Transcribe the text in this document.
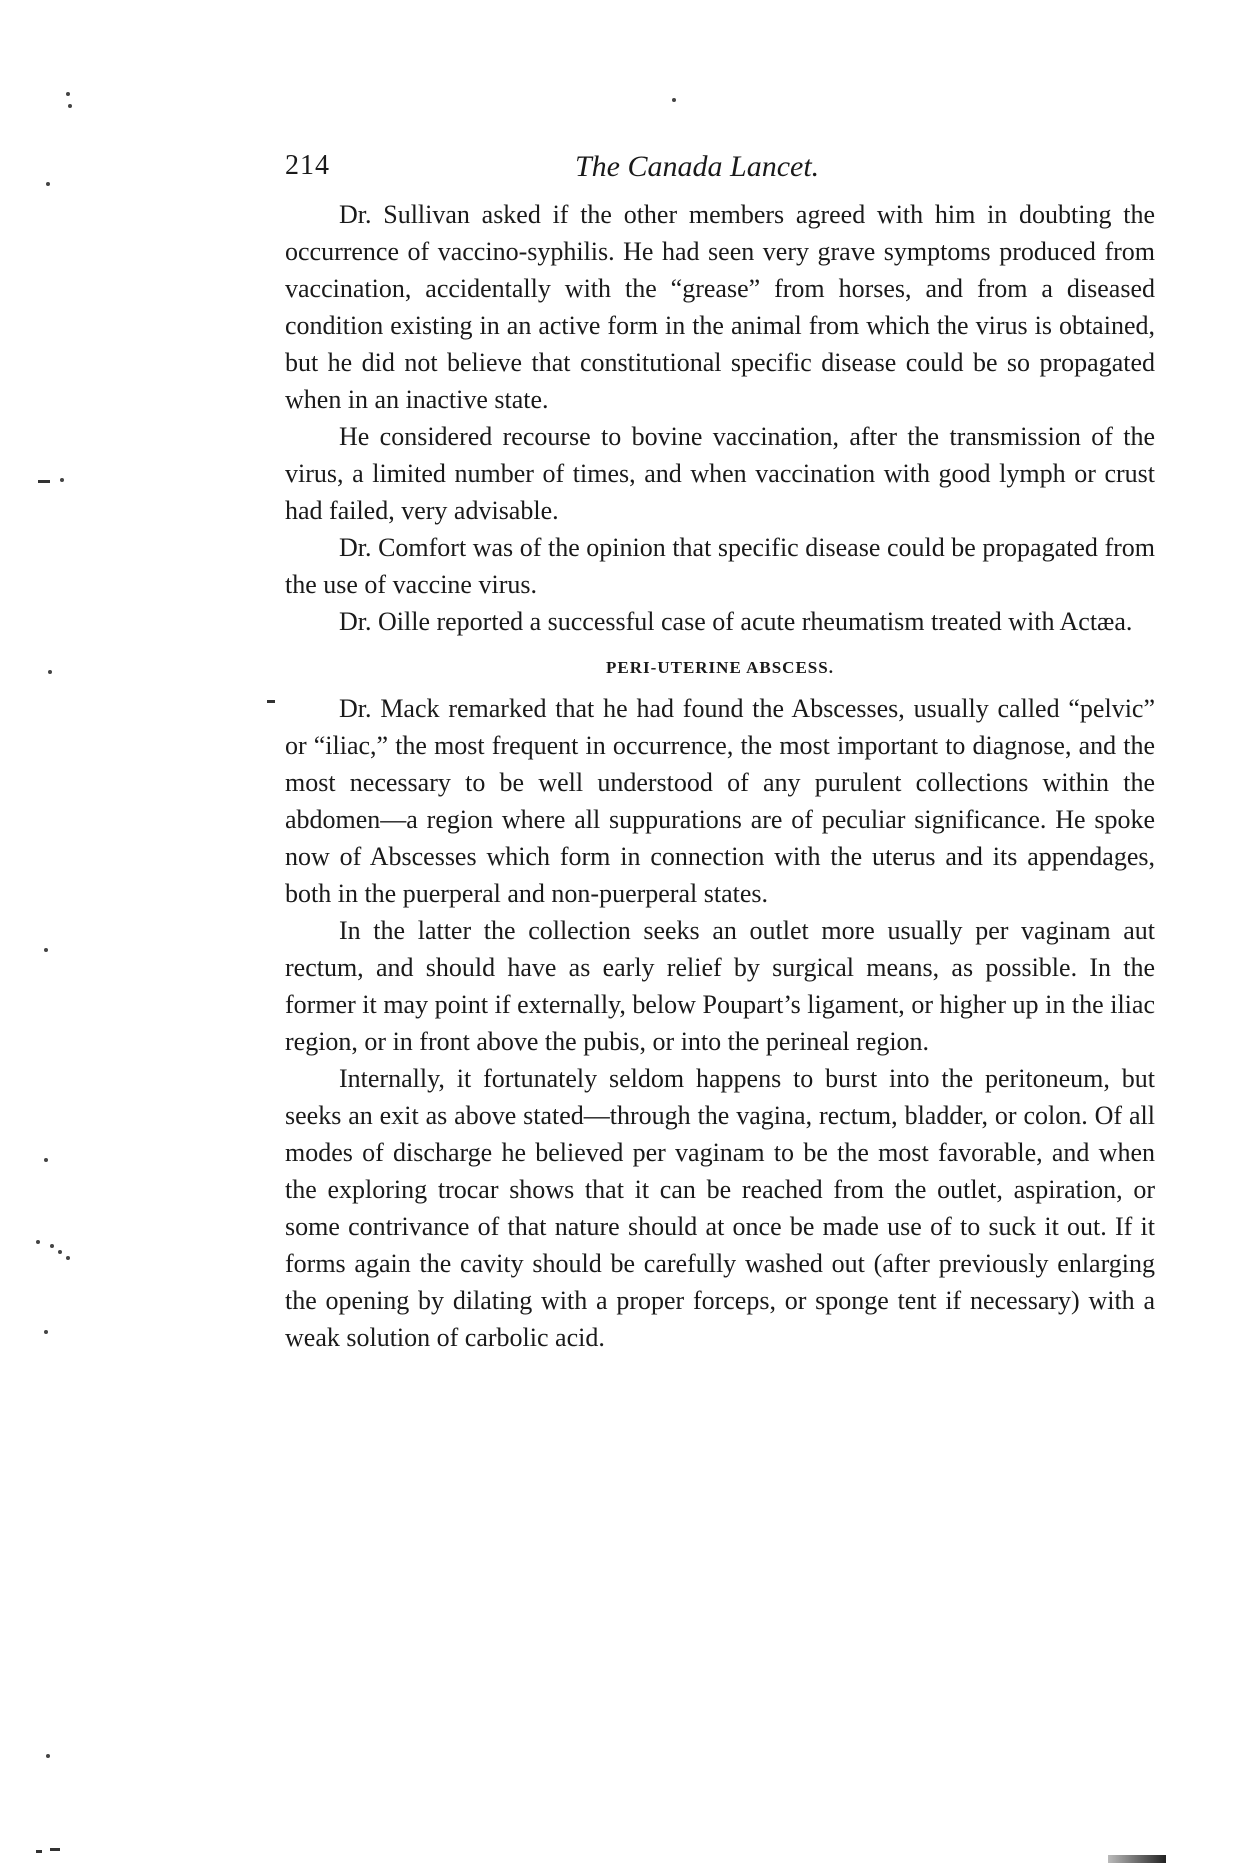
214	The Canada Lancet.

Dr. Sullivan asked if the other members agreed with him in doubting the occurrence of vaccino-syphilis. He had seen very grave symptoms produced from vaccination, accidentally with the “grease” from horses, and from a diseased condition existing in an active form in the animal from which the virus is obtained, but he did not believe that constitutional specific disease could be so propagated when in an inactive state.

He considered recourse to bovine vaccination, after the transmission of the virus, a limited number of times, and when vaccination with good lymph or crust had failed, very advisable.

Dr. Comfort was of the opinion that specific disease could be propagated from the use of vaccine virus.

Dr. Oille reported a successful case of acute rheumatism treated with Actæa.

PERI-UTERINE ABSCESS.

Dr. Mack remarked that he had found the Abscesses, usually called “pelvic” or “iliac,” the most frequent in occurrence, the most important to diagnose, and the most necessary to be well understood of any purulent collections within the abdomen—a region where all suppurations are of peculiar significance. He spoke now of Abscesses which form in connection with the uterus and its appendages, both in the puerperal and non-puerperal states.

In the latter the collection seeks an outlet more usually per vaginam aut rectum, and should have as early relief by surgical means, as possible. In the former it may point if externally, below Poupart’s ligament, or higher up in the iliac region, or in front above the pubis, or into the perineal region.

Internally, it fortunately seldom happens to burst into the peritoneum, but seeks an exit as above stated—through the vagina, rectum, bladder, or colon. Of all modes of discharge he believed per vaginam to be the most favorable, and when the exploring trocar shows that it can be reached from the outlet, aspiration, or some contrivance of that nature should at once be made use of to suck it out. If it forms again the cavity should be carefully washed out (after previously enlarging the opening by dilating with a proper forceps, or sponge tent if necessary) with a weak solution of carbolic acid.
